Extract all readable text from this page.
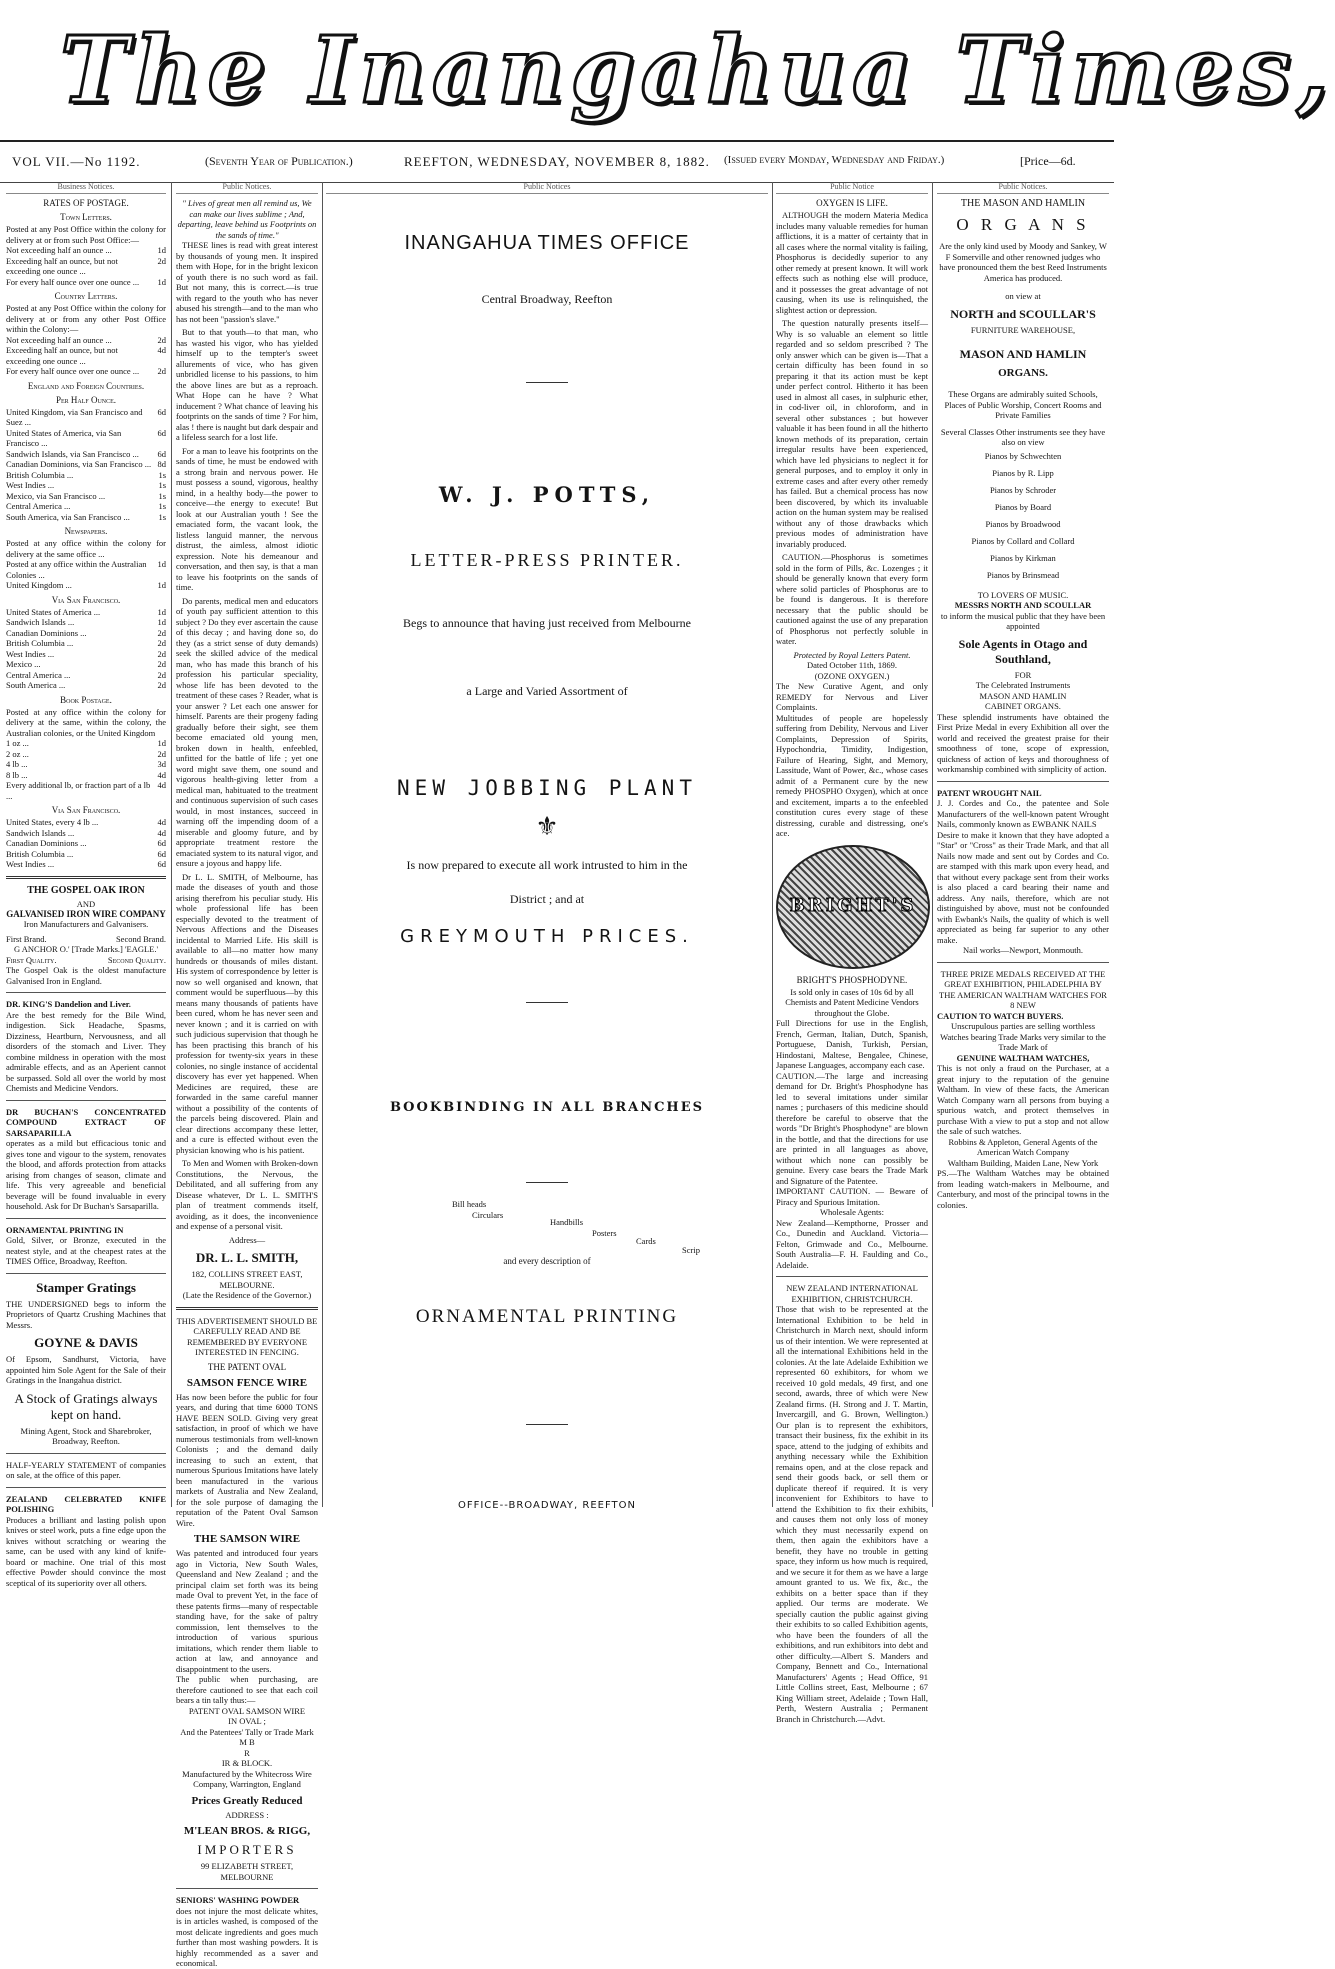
The Inangahua Times,
VOL VII.—No 1192.	(Seventh Year of Publication.)	REEFTON, WEDNESDAY, NOVEMBER 8, 1882. (Issued every Monday, Wednesday and Friday.)	[Price—6d.
Business Notices.
RATES OF POSTAGE.
Town Letters.
Posted at any Post Office within the colony for delivery at or from such Post Office:—
Not exceeding half an ounce ...	1d
Exceeding half an ounce, but not exceeding one ounce ...
2d
For every half ounce over one ounce ...	1d
Country Letters.
Posted at any Post Office within the colony for delivery at or from any other Post Office within the Colony:—
Not exceeding half an ounce ...	2d
Exceeding half an ounce, but not exceeding one ounce ...
4d
For every half ounce over one ounce ...	2d
England and Foreign Countries.
Per Half Ounce.
United Kingdom, via San Francisco and Suez ...
6d
United States of America, via San Francisco ...
6d
Sandwich Islands, via San Francisco ...	6d
Canadian Dominions, via San Francisco ... 8d
British Columbia ...	1s
West Indies ...	1s
Mexico, via San Francisco ...	1s
Central America ...	1s
South America, via San Francisco ...	1s
Newspapers.
Posted at any office within the colony for delivery at the same office ...
Posted at any office within the Australian Colonies ...
1d
United Kingdom ...	1d
Via San Francisco.
United States of America ...	1d
Sandwich Islands ...	1d
Canadian Dominions ...	2d
British Columbia ...	2d
West Indies ...	2d
Mexico ...	2d
Central America ...	2d
South America ...	2d
Book Postage.
Posted at any office within the colony for delivery at the same, within the colony, the Australian colonies, or the United Kingdom
1 oz ...	1d
2 oz ...	2d
4 lb ...	3d
8 lb ...	4d
Every additional lb, or fraction part of a lb ...
4d
Via San Francisco.
United States, every 4 lb ...	4d
Sandwich Islands ...	4d
Canadian Dominions ...	6d
British Columbia ...	6d
West Indies ...	6d
THE GOSPEL OAK IRON
AND
GALVANISED IRON WIRE COMPANY
Iron Manufacturers and Galvanisers.
First Brand.	Second Brand.
G ANCHOR O.' [Trade Marks.] 'EAGLE.'
First Quality.	Second Quality.
The Gospel Oak is the oldest manufacture Galvanised Iron in England.
DR. KING'S Dandelion and Liver.
Are the best remedy for the Bile Wind, indigestion. Sick Headache, Spasms, Dizziness, Heartburn, Nervousness, and all disorders of the stomach and Liver. They combine mildness in operation with the most admirable effects, and as an Aperient cannot be surpassed. Sold all over the world by most Chemists and Medicine Vendors.
DR BUCHAN'S CONCENTRATED COMPOUND EXTRACT OF SARSAPARILLA
operates as a mild but efficacious tonic and gives tone and vigour to the system, renovates the blood, and affords protection from attacks arising from changes of season, climate and life. This very agreeable and beneficial beverage will be found invaluable in every household. Ask for Dr Buchan's Sarsaparilla.
ORNAMENTAL PRINTING IN
Gold, Silver, or Bronze, executed in the neatest style, and at the cheapest rates at the TIMES Office, Broadway, Reefton.
Stamper Gratings
THE UNDERSIGNED begs to inform the Proprietors of Quartz Crushing Machines that Messrs.
GOYNE & DAVIS
Of Epsom, Sandhurst, Victoria, have appointed him Sole Agent for the Sale of their Gratings in the Inangahua district.
A Stock of Gratings always kept on hand.
Mining Agent, Stock and Sharebroker, Broadway, Reefton.
HALF-YEARLY STATEMENT of companies on sale, at the office of this paper.
ZEALAND CELEBRATED KNIFE POLISHING
Produces a brilliant and lasting polish upon knives or steel work, puts a fine edge upon the knives without scratching or wearing the same, can be used with any kind of knife-board or machine. One trial of this most effective Powder should convince the most sceptical of its superiority over all others.
Public Notices.
" Lives of great men all remind us, We can make our lives sublime ; And, departing, leave behind us Footprints on the sands of time."

THESE lines is read with great interest by thousands of young men. It inspired them with Hope, for in the bright lexicon of youth there is no such word as fail. But not many, this is correct.—is true with regard to the youth who has never abused his strength—and to the man who has not been "passion's slave."

But to that youth—to that man, who has wasted his vigor, who has yielded himself up to the tempter's sweet allurements of vice, who has given unbridled license to his passions, to him the above lines are but as a reproach. What Hope can he have ? What inducement ? What chance of leaving his footprints on the sands of time ? For him, alas ! there is naught but dark despair and a lifeless search for a lost life.

For a man to leave his footprints on the sands of time, he must be endowed with a strong brain and nervous power. He must possess a sound, vigorous, healthy mind, in a healthy body—the power to conceive—the energy to execute! But look at our Australian youth ! See the emaciated form, the vacant look, the listless languid manner, the nervous distrust, the aimless, almost idiotic expression. Note his demeanour and conversation, and then say, is that a man to leave his footprints on the sands of time.

Do parents, medical men and educators of youth pay sufficient attention to this subject ? Do they ever ascertain the cause of this decay ; and having done so, do they (as a strict sense of duty demands) seek the skilled advice of the medical man, who has made this branch of his profession his particular speciality, whose life has been devoted to the treatment of these cases ? Reader, what is your answer ? Let each one answer for himself. Parents are their progeny fading gradually before their sight, see them become emaciated old young men, broken down in health, enfeebled, unfitted for the battle of life ; yet one word might save them, one sound and vigorous health-giving letter from a medical man, habituated to the treatment and continuous supervision of such cases would, in most instances, succeed in warning off the impending doom of a miserable and gloomy future, and by appropriate treatment restore the emaciated system to its natural vigor, and ensure a joyous and happy life.

Dr L. L. SMITH, of Melbourne, has made the diseases of youth and those arising therefrom his peculiar study. His whole professional life has been especially devoted to the treatment of Nervous Affections and the Diseases incidental to Married Life. His skill is available to all—no matter how many hundreds or thousands of miles distant. His system of correspondence by letter is now so well organised and known, that comment would be superfluous—by this means many thousands of patients have been cured, whom he has never seen and never known ; and it is carried on with such judicious supervision that though he has been practising this branch of his profession for twenty-six years in these colonies, no single instance of accidental discovery has ever yet happened. When Medicines are required, these are forwarded in the same careful manner without a possibility of the contents of the parcels being discovered. Plain and clear directions accompany these letter, and a cure is effected without even the physician knowing who is his patient.

To Men and Women with Broken-down Constitutions, the Nervous, the Debilitated, and all suffering from any Disease whatever, Dr L. L. SMITH'S plan of treatment commends itself, avoiding, as it does, the inconvenience and expense of a personal visit.

Address—
DR. L. L. SMITH,
182, COLLINS STREET EAST, MELBOURNE.
(Late the Residence of the Governor.)
THIS ADVERTISEMENT SHOULD BE CAREFULLY READ AND BE REMEMBERED BY EVERYONE INTERESTED IN FENCING.
THE PATENT OVAL
SAMSON FENCE WIRE
Has now been before the public for four years, and during that time 6000 TONS HAVE BEEN SOLD. Giving very great satisfaction, in proof of which we have numerous testimonials from well-known Colonists ; and the demand daily increasing to such an extent, that numerous Spurious Imitations have lately been manufactured in the various markets of Australia and New Zealand, for the sole purpose of damaging the reputation of the Patent Oval Samson Wire.
THE SAMSON WIRE
Was patented and introduced four years ago in Victoria, New South Wales, Queensland and New Zealand ; and the principal claim set forth was its being made Oval to prevent Yet, in the face of these patents firms—many of respectable standing have, for the sake of paltry commission, lent themselves to the introduction of various spurious imitations, which render them liable to action at law, and annoyance and disappointment to the users.
The public when purchasing, are therefore cautioned to see that each coil bears a tin tally thus:—
PATENT OVAL SAMSON WIRE
IN OVAL ;
And the Patentees' Tally or Trade Mark
M B
R
IR & BLOCK.
Manufactured by the Whitecross Wire Company, Warrington, England
Prices Greatly Reduced
ADDRESS :
M'LEAN BROS. & RIGG,
IMPORTERS
99 ELIZABETH STREET, MELBOURNE
SENIORS' WASHING POWDER
does not injure the most delicate whites, is in articles washed, is composed of the most delicate ingredients and goes much further than most washing powders. It is highly recommended as a saver and economical.
Public Notices
INANGAHUA TIMES OFFICE
Central Broadway, Reefton
W. J. POTTS,
LETTER-PRESS PRINTER.
Begs to announce that having just received from Melbourne
a Large and Varied Assortment of
NEW JOBBING PLANT
⚜
Is now prepared to execute all work intrusted to him in the
District ; and at
GREYMOUTH PRICES.
BOOKBINDING IN ALL BRANCHES
Bill heads
Circulars
Handbills
Posters
Cards
Scrip
and every description of
ORNAMENTAL PRINTING
OFFICE--BROADWAY, REEFTON
Public Notice
OXYGEN IS LIFE.

ALTHOUGH the modern Materia Medica includes many valuable remedies for human afflictions, it is a matter of certainty that in all cases where the normal vitality is failing, Phosphorus is decidedly superior to any other remedy at present known. It will work effects such as nothing else will produce, and it possesses the great advantage of not causing, when its use is relinquished, the slightest action or depression.

The question naturally presents itself—Why is so valuable an element so little regarded and so seldom prescribed ? The only answer which can be given is—That a certain difficulty has been found in so preparing it that its action must be kept under perfect control. Hitherto it has been used in almost all cases, in sulphuric ether, in cod-liver oil, in chloroform, and in several other substances ; but however valuable it has been found in all the hitherto known methods of its preparation, certain irregular results have been experienced, which have led physicians to neglect it for general purposes, and to employ it only in extreme cases and after every other remedy has failed. But a chemical process has now been discovered, by which its invaluable action on the human system may be realised without any of those drawbacks which previous modes of administration have invariably produced.

CAUTION.—Phosphorus is sometimes sold in the form of Pills, &c. Lozenges ; it should be generally known that every form where solid particles of Phosphorus are to be found is dangerous. It is therefore necessary that the public should be cautioned against the use of any preparation of Phosphorus not perfectly soluble in water.

Protected by Royal Letters Patent.
Dated October 11th, 1869.
(OZONE OXYGEN.)
The New Curative Agent, and only REMEDY for Nervous and Liver Complaints.
Multitudes of people are hopelessly suffering from Debility, Nervous and Liver Complaints, Depression of Spirits, Hypochondria, Timidity, Indigestion, Failure of Hearing, Sight, and Memory, Lassitude, Want of Power, &c., whose cases admit of a Permanent cure by the new remedy PHOSPHO Oxygen), which at once and excitement, imparts a to the enfeebled constitution cures every stage of these distressing, curable and distressing, one's ace.
BRIGHT'S
BRIGHT'S PHOSPHODYNE.
Is sold only in cases of 10s 6d by all Chemists and Patent Medicine Vendors throughout the Globe.
Full Directions for use in the English, French, German, Italian, Dutch, Spanish, Portuguese, Danish, Turkish, Persian, Hindostani, Maltese, Bengalee, Chinese, Japanese Languages, accompany each case.
CAUTION.—The large and increasing demand for Dr. Bright's Phosphodyne has led to several imitations under similar names ; purchasers of this medicine should therefore be careful to observe that the words "Dr Bright's Phosphodyne" are blown in the bottle, and that the directions for use are printed in all languages as above, without which none can possibly be genuine. Every case bears the Trade Mark and Signature of the Patentee.
IMPORTANT CAUTION. — Beware of Piracy and Spurious Imitation.
Wholesale Agents:
New Zealand—Kempthorne, Prosser and Co., Dunedin and Auckland. Victoria—Felton, Grimwade and Co., Melbourne. South Australia—F. H. Faulding and Co., Adelaide.
NEW ZEALAND INTERNATIONAL EXHIBITION, CHRISTCHURCH.
Those that wish to be represented at the International Exhibition to be held in Christchurch in March next, should inform us of their intention. We were represented at all the international Exhibitions held in the colonies. At the late Adelaide Exhibition we represented 60 exhibitors, for whom we received 10 gold medals, 49 first, and one second, awards, three of which were New Zealand firms. (H. Strong and J. T. Martin, Invercargill, and G. Brown, Wellington.) Our plan is to represent the exhibitors, transact their business, fix the exhibit in its space, attend to the judging of exhibits and anything necessary while the Exhibition remains open, and at the close repack and send their goods back, or sell them or duplicate thereof if required. It is very inconvenient for Exhibitors to have to attend the Exhibition to fix their exhibits, and causes them not only loss of money which they must necessarily expend on them, then again the exhibitors have a benefit, they have no trouble in getting space, they inform us how much is required, and we secure it for them as we have a large amount granted to us. We fix, &c., the exhibits on a better space than if they applied. Our terms are moderate. We specially caution the public against giving their exhibits to so called Exhibition agents, who have been the founders of all the exhibitions, and run exhibitors into debt and other difficulty.—Albert S. Manders and Company, Bennett and Co., International Manufacturers' Agents ; Head Office, 91 Little Collins street, East, Melbourne ; 67 King William street, Adelaide ; Town Hall, Perth, Western Australia ; Permanent Branch in Christchurch.—Advt.
Public Notices.
THE MASON AND HAMLIN
O R G A N S
Are the only kind used by Moody and Sankey, W F Somerville and other renowned judges who have pronounced them the best Reed Instruments America has produced.
on view at
NORTH and SCOULLAR'S
FURNITURE WAREHOUSE,
MASON AND HAMLIN
ORGANS.
These Organs are admirably suited Schools, Places of Public Worship, Concert Rooms and Private Families
Several Classes Other instruments see they have also on view
Pianos by Schwechten
Pianos by R. Lipp
Pianos by Schroder
Pianos by Board
Pianos by Broadwood
Pianos by Collard and Collard
Pianos by Kirkman
Pianos by Brinsmead
TO LOVERS OF MUSIC.
MESSRS NORTH AND SCOULLAR
to inform the musical public that they have been appointed
Sole Agents in Otago and Southland,
FOR
The Celebrated Instruments
MASON AND HAMLIN
CABINET ORGANS.
These splendid instruments have obtained the First Prize Medal in every Exhibition all over the world and received the greatest praise for their smoothness of tone, scope of expression, quickness of action of keys and thoroughness of workmanship combined with simplicity of action.
PATENT WROUGHT NAIL
J. J. Cordes and Co., the patentee and Sole Manufacturers of the well-known patent Wrought Nails, commonly known as EWBANK NAILS
Desire to make it known that they have adopted a "Star" or "Cross" as their Trade Mark, and that all Nails now made and sent out by Cordes and Co. are stamped with this mark upon every head, and that without every package sent from their works is also placed a card bearing their name and address. Any nails, therefore, which are not distinguished by above, must not be confounded with Ewbank's Nails, the quality of which is well appreciated as being far superior to any other make.
Nail works—Newport, Monmouth.
THREE PRIZE MEDALS RECEIVED AT THE GREAT EXHIBITION, PHILADELPHIA BY THE AMERICAN WALTHAM WATCHES FOR 8 NEW
CAUTION TO WATCH BUYERS.
Unscrupulous parties are selling worthless Watches bearing Trade Marks very similar to the Trade Mark of
GENUINE WALTHAM WATCHES,
This is not only a fraud on the Purchaser, at a great injury to the reputation of the genuine Waltham. In view of these facts, the American Watch Company warn all persons from buying a spurious watch, and protect themselves in purchase With a view to put a stop and not allow the sale of such watches.
Robbins & Appleton, General Agents of the American Watch Company
Waltham Building, Maiden Lane, New York
PS.—The Waltham Watches may be obtained from leading watch-makers in Melbourne, and Canterbury, and most of the principal towns in the colonies.
